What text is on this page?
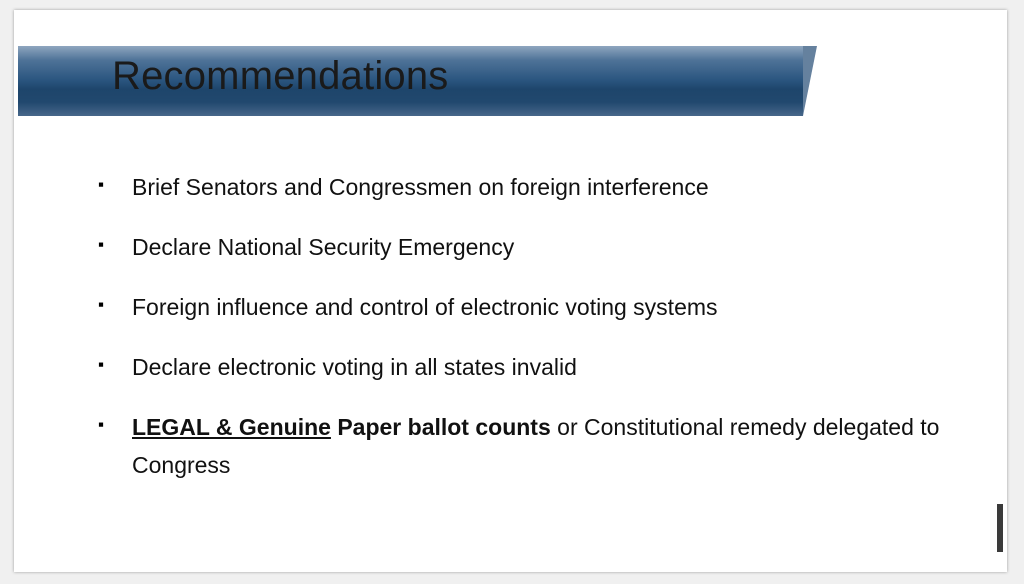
Recommendations
▪	Brief Senators and Congressmen on foreign interference
▪	Declare National Security Emergency
▪	Foreign influence and control of electronic voting systems
▪	Declare electronic voting in all states invalid
▪	LEGAL & Genuine Paper ballot counts or Constitutional remedy delegated to Congress
